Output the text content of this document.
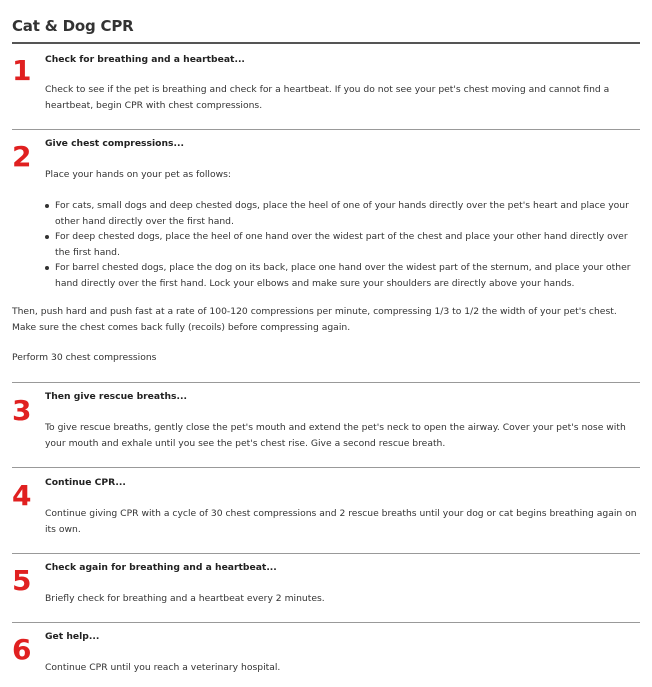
Cat & Dog CPR
1 Check for breathing and a heartbeat...
Check to see if the pet is breathing and check for a heartbeat. If you do not see your pet's chest moving and cannot find a heartbeat, begin CPR with chest compressions.
2 Give chest compressions...
Place your hands on your pet as follows:
For cats, small dogs and deep chested dogs, place the heel of one of your hands directly over the pet's heart and place your other hand directly over the first hand.
For deep chested dogs, place the heel of one hand over the widest part of the chest and place your other hand directly over the first hand.
For barrel chested dogs, place the dog on its back, place one hand over the widest part of the sternum, and place your other hand directly over the first hand. Lock your elbows and make sure your shoulders are directly above your hands.
Then, push hard and push fast at a rate of 100-120 compressions per minute, compressing 1/3 to 1/2 the width of your pet's chest. Make sure the chest comes back fully (recoils) before compressing again.
Perform 30 chest compressions
3 Then give rescue breaths...
To give rescue breaths, gently close the pet's mouth and extend the pet's neck to open the airway. Cover your pet's nose with your mouth and exhale until you see the pet's chest rise. Give a second rescue breath.
4 Continue CPR...
Continue giving CPR with a cycle of 30 chest compressions and 2 rescue breaths until your dog or cat begins breathing again on its own.
5 Check again for breathing and a heartbeat...
Briefly check for breathing and a heartbeat every 2 minutes.
6 Get help...
Continue CPR until you reach a veterinary hospital.
